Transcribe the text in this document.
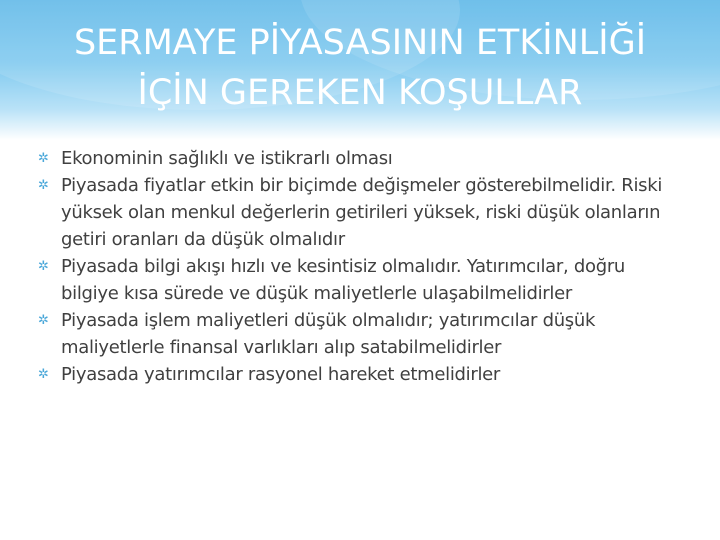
SERMAYE PİYASASININ ETKİNLİĞİ
İÇİN GEREKEN KOŞULLAR
✲ Ekonominin sağlıklı ve istikrarlı olması
✲ Piyasada fiyatlar etkin bir biçimde değişmeler gösterebilmelidir. Riski yüksek olan menkul değerlerin getirileri yüksek, riski düşük olanların getiri oranları da düşük olmalıdır
✲ Piyasada bilgi akışı hızlı ve kesintisiz olmalıdır. Yatırımcılar, doğru bilgiye kısa sürede ve düşük maliyetlerle ulaşabilmelidirler
✲ Piyasada işlem maliyetleri düşük olmalıdır; yatırımcılar düşük maliyetlerle finansal varlıkları alıp satabilmelidirler
✲ Piyasada yatırımcılar rasyonel hareket etmelidirler
